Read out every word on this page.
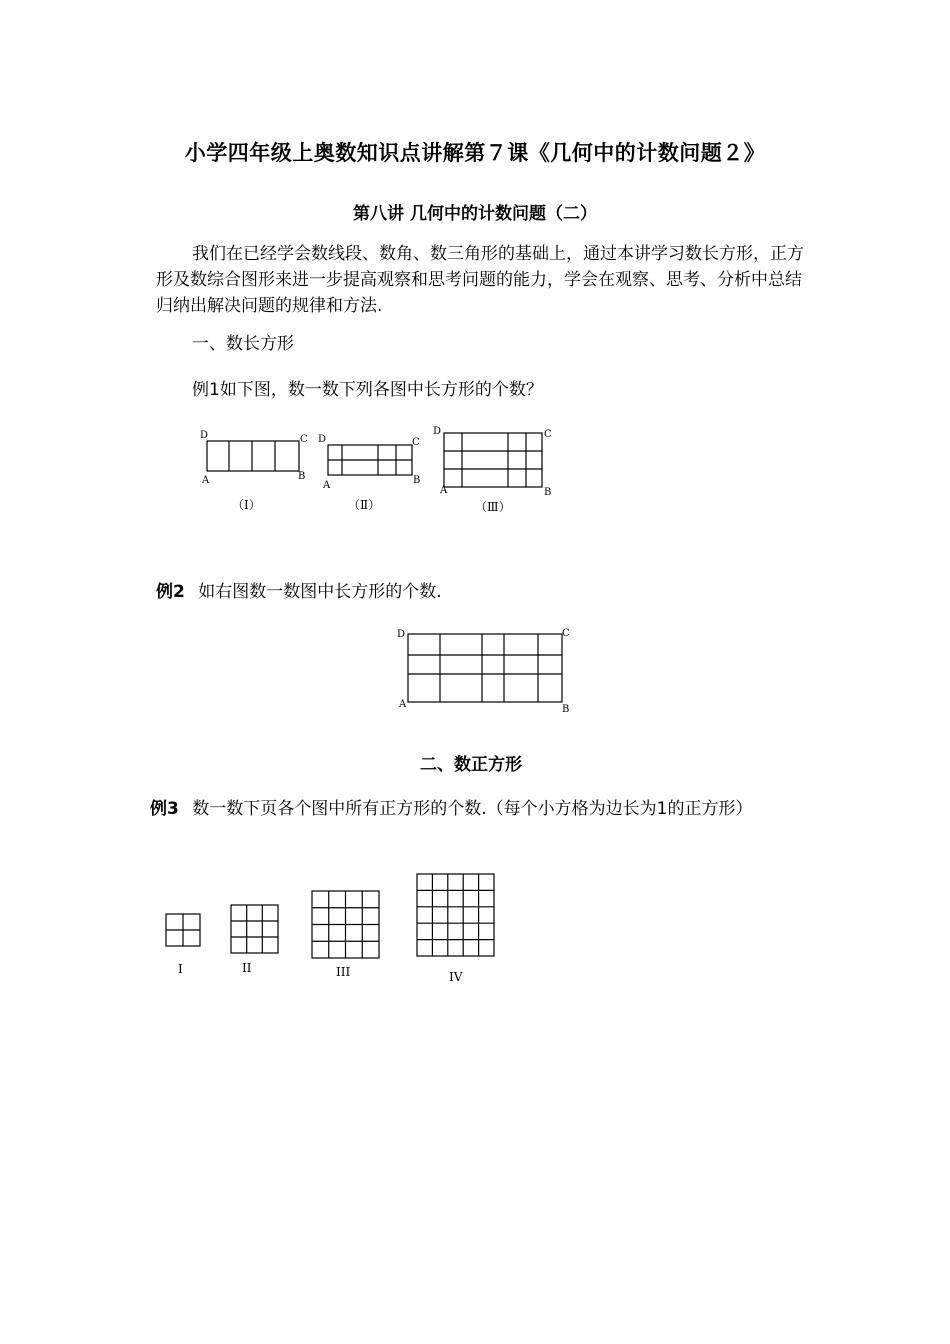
小学四年级上奥数知识点讲解第７课《几何中的计数问题２》
第八讲 几何中的计数问题（二）
我们在已经学会数线段、数角、数三角形的基础上，通过本讲学习数长方形，正方形及数综合图形来进一步提高观察和思考问题的能力，学会在观察、思考、分析中总结归纳出解决问题的规律和方法.
一、数长方形
例1如下图，数一数下列各图中长方形的个数？
D	C
A	B
（Ⅰ）
D	C
A	B
（Ⅱ）
D	C
A	B
（Ⅲ）
例2 如右图数一数图中长方形的个数.
D	C
A	B
二、数正方形
例3 数一数下页各个图中所有正方形的个数.（每个小方格为边长为1的正方形）
I	II	III	IV
